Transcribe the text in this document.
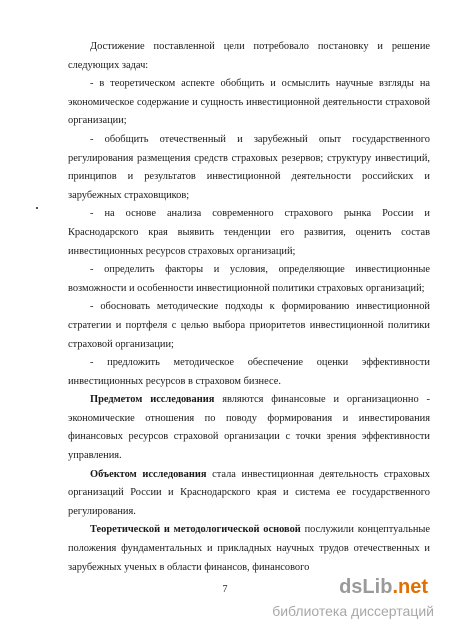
Достижение поставленной цели потребовало постановку и решение следующих задач:

- в теоретическом аспекте обобщить и осмыслить научные взгляды на экономическое содержание и сущность инвестиционной деятельности страховой организации;

- обобщить отечественный и зарубежный опыт государственного регулирования размещения средств страховых резервов; структуру инвестиций, принципов и результатов инвестиционной деятельности российских и зарубежных страховщиков;

- на основе анализа современного страхового рынка России и Краснодарского края выявить тенденции его развития, оценить состав инвестиционных ресурсов страховых организаций;

- определить факторы и условия, определяющие инвестиционные возможности и особенности инвестиционной политики страховых организаций;

- обосновать методические подходы к формированию инвестиционной стратегии и портфеля с целью выбора приоритетов инвестиционной политики страховой организации;

- предложить методическое обеспечение оценки эффективности инвестиционных ресурсов в страховом бизнесе.

Предметом исследования являются финансовые и организационно - экономические отношения по поводу формирования и инвестирования финансовых ресурсов страховой организации с точки зрения эффективности управления.

Объектом исследования стала инвестиционная деятельность страховых организаций России и Краснодарского края и система ее государственного регулирования.

Теоретической и методологической основой послужили концептуальные положения фундаментальных и прикладных научных трудов отечественных и зарубежных ученых в области финансов, финансового

7	dsLib.net
библиотека диссертаций
